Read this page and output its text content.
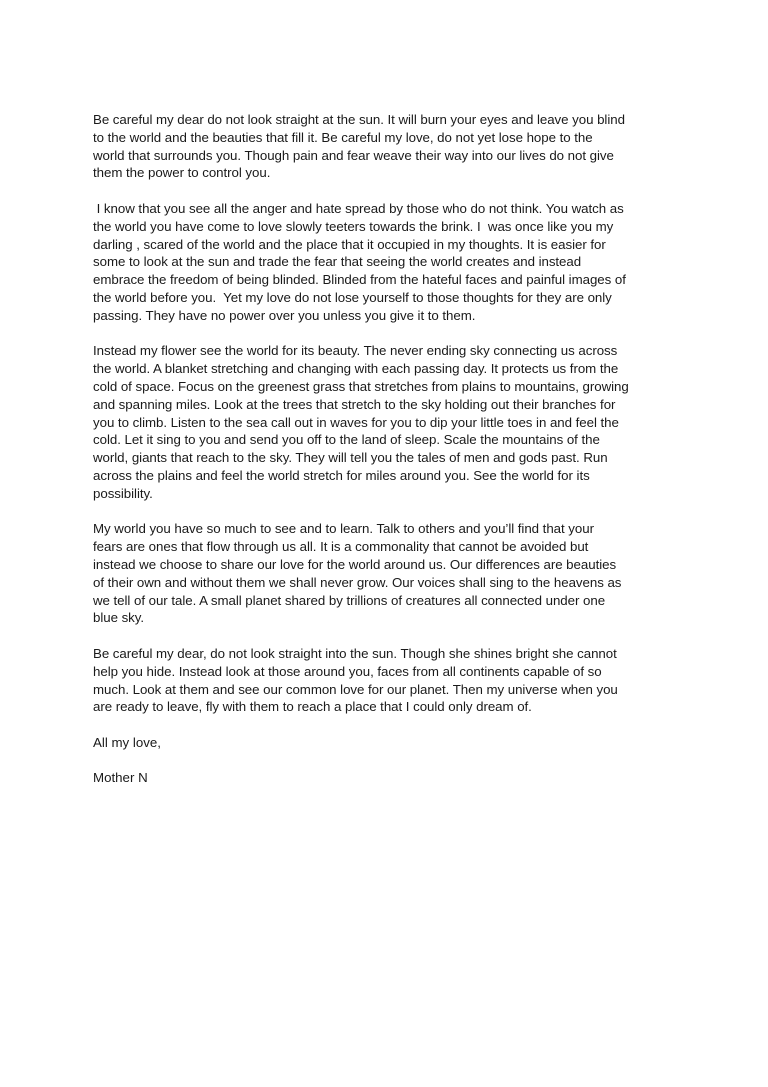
Be careful my dear do not look straight at the sun. It will burn your eyes and leave you blind
to the world and the beauties that fill it. Be careful my love, do not yet lose hope to the
world that surrounds you. Though pain and fear weave their way into our lives do not give
them the power to control you.

I know that you see all the anger and hate spread by those who do not think. You watch as
the world you have come to love slowly teeters towards the brink. I  was once like you my
darling , scared of the world and the place that it occupied in my thoughts. It is easier for
some to look at the sun and trade the fear that seeing the world creates and instead
embrace the freedom of being blinded. Blinded from the hateful faces and painful images of
the world before you.  Yet my love do not lose yourself to those thoughts for they are only
passing. They have no power over you unless you give it to them.

Instead my flower see the world for its beauty. The never ending sky connecting us across
the world. A blanket stretching and changing with each passing day. It protects us from the
cold of space. Focus on the greenest grass that stretches from plains to mountains, growing
and spanning miles. Look at the trees that stretch to the sky holding out their branches for
you to climb. Listen to the sea call out in waves for you to dip your little toes in and feel the
cold. Let it sing to you and send you off to the land of sleep. Scale the mountains of the
world, giants that reach to the sky. They will tell you the tales of men and gods past. Run
across the plains and feel the world stretch for miles around you. See the world for its
possibility.

My world you have so much to see and to learn. Talk to others and you’ll find that your
fears are ones that flow through us all. It is a commonality that cannot be avoided but
instead we choose to share our love for the world around us. Our differences are beauties
of their own and without them we shall never grow. Our voices shall sing to the heavens as
we tell of our tale. A small planet shared by trillions of creatures all connected under one
blue sky.

Be careful my dear, do not look straight into the sun. Though she shines bright she cannot
help you hide. Instead look at those around you, faces from all continents capable of so
much. Look at them and see our common love for our planet. Then my universe when you
are ready to leave, fly with them to reach a place that I could only dream of.

All my love,

Mother N
